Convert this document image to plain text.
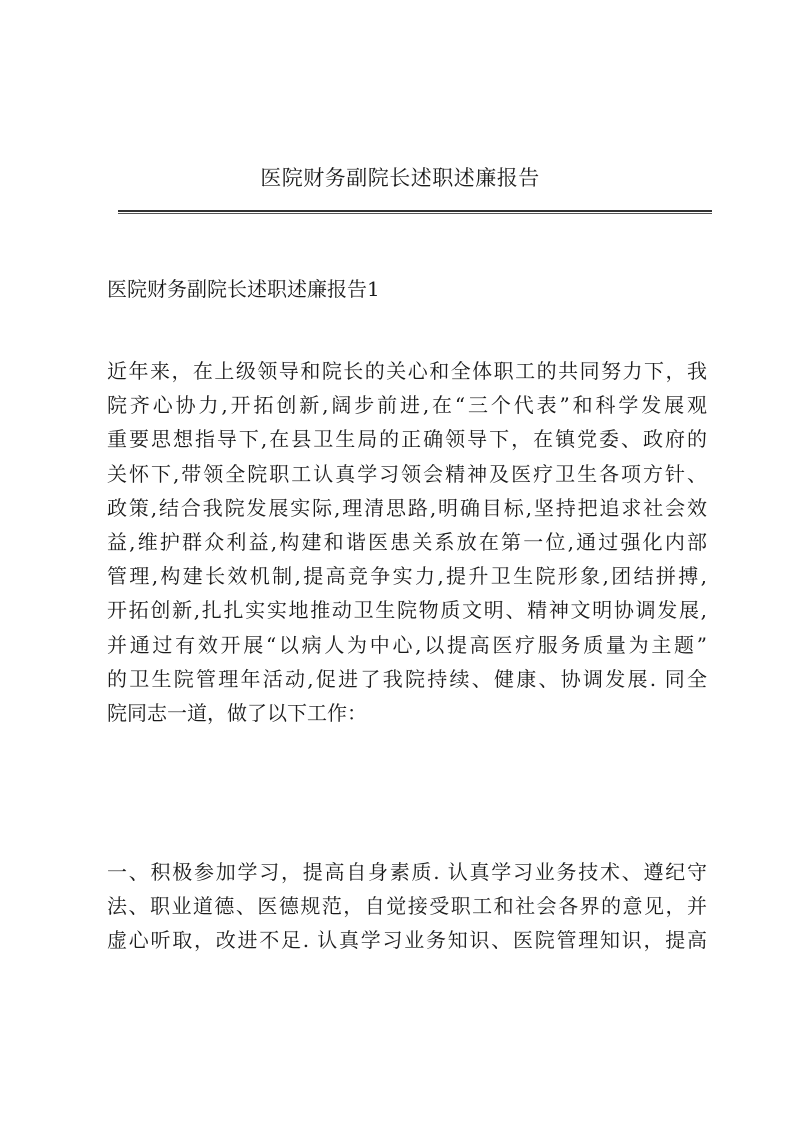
医院财务副院长述职述廉报告
医院财务副院长述职述廉报告1
近年来，在上级领导和院长的关心和全体职工的共同努力下，我
院齐心协力,开拓创新,阔步前进,在“三个代表”和科学发展观
重要思想指导下,在县卫生局的正确领导下，在镇党委、政府的
关怀下,带领全院职工认真学习领会精神及医疗卫生各项方针、
政策,结合我院发展实际,理清思路,明确目标,坚持把追求社会效
益,维护群众利益,构建和谐医患关系放在第一位,通过强化内部
管理,构建长效机制,提高竞争实力,提升卫生院形象,团结拼搏,
开拓创新,扎扎实实地推动卫生院物质文明、精神文明协调发展,
并通过有效开展“以病人为中心,以提高医疗服务质量为主题”
的卫生院管理年活动,促进了我院持续、健康、协调发展. 同全
院同志一道，做了以下工作：
一、积极参加学习，提高自身素质. 认真学习业务技术、遵纪守
法、职业道德、医德规范，自觉接受职工和社会各界的意见，并
虚心听取，改进不足. 认真学习业务知识、医院管理知识，提高
